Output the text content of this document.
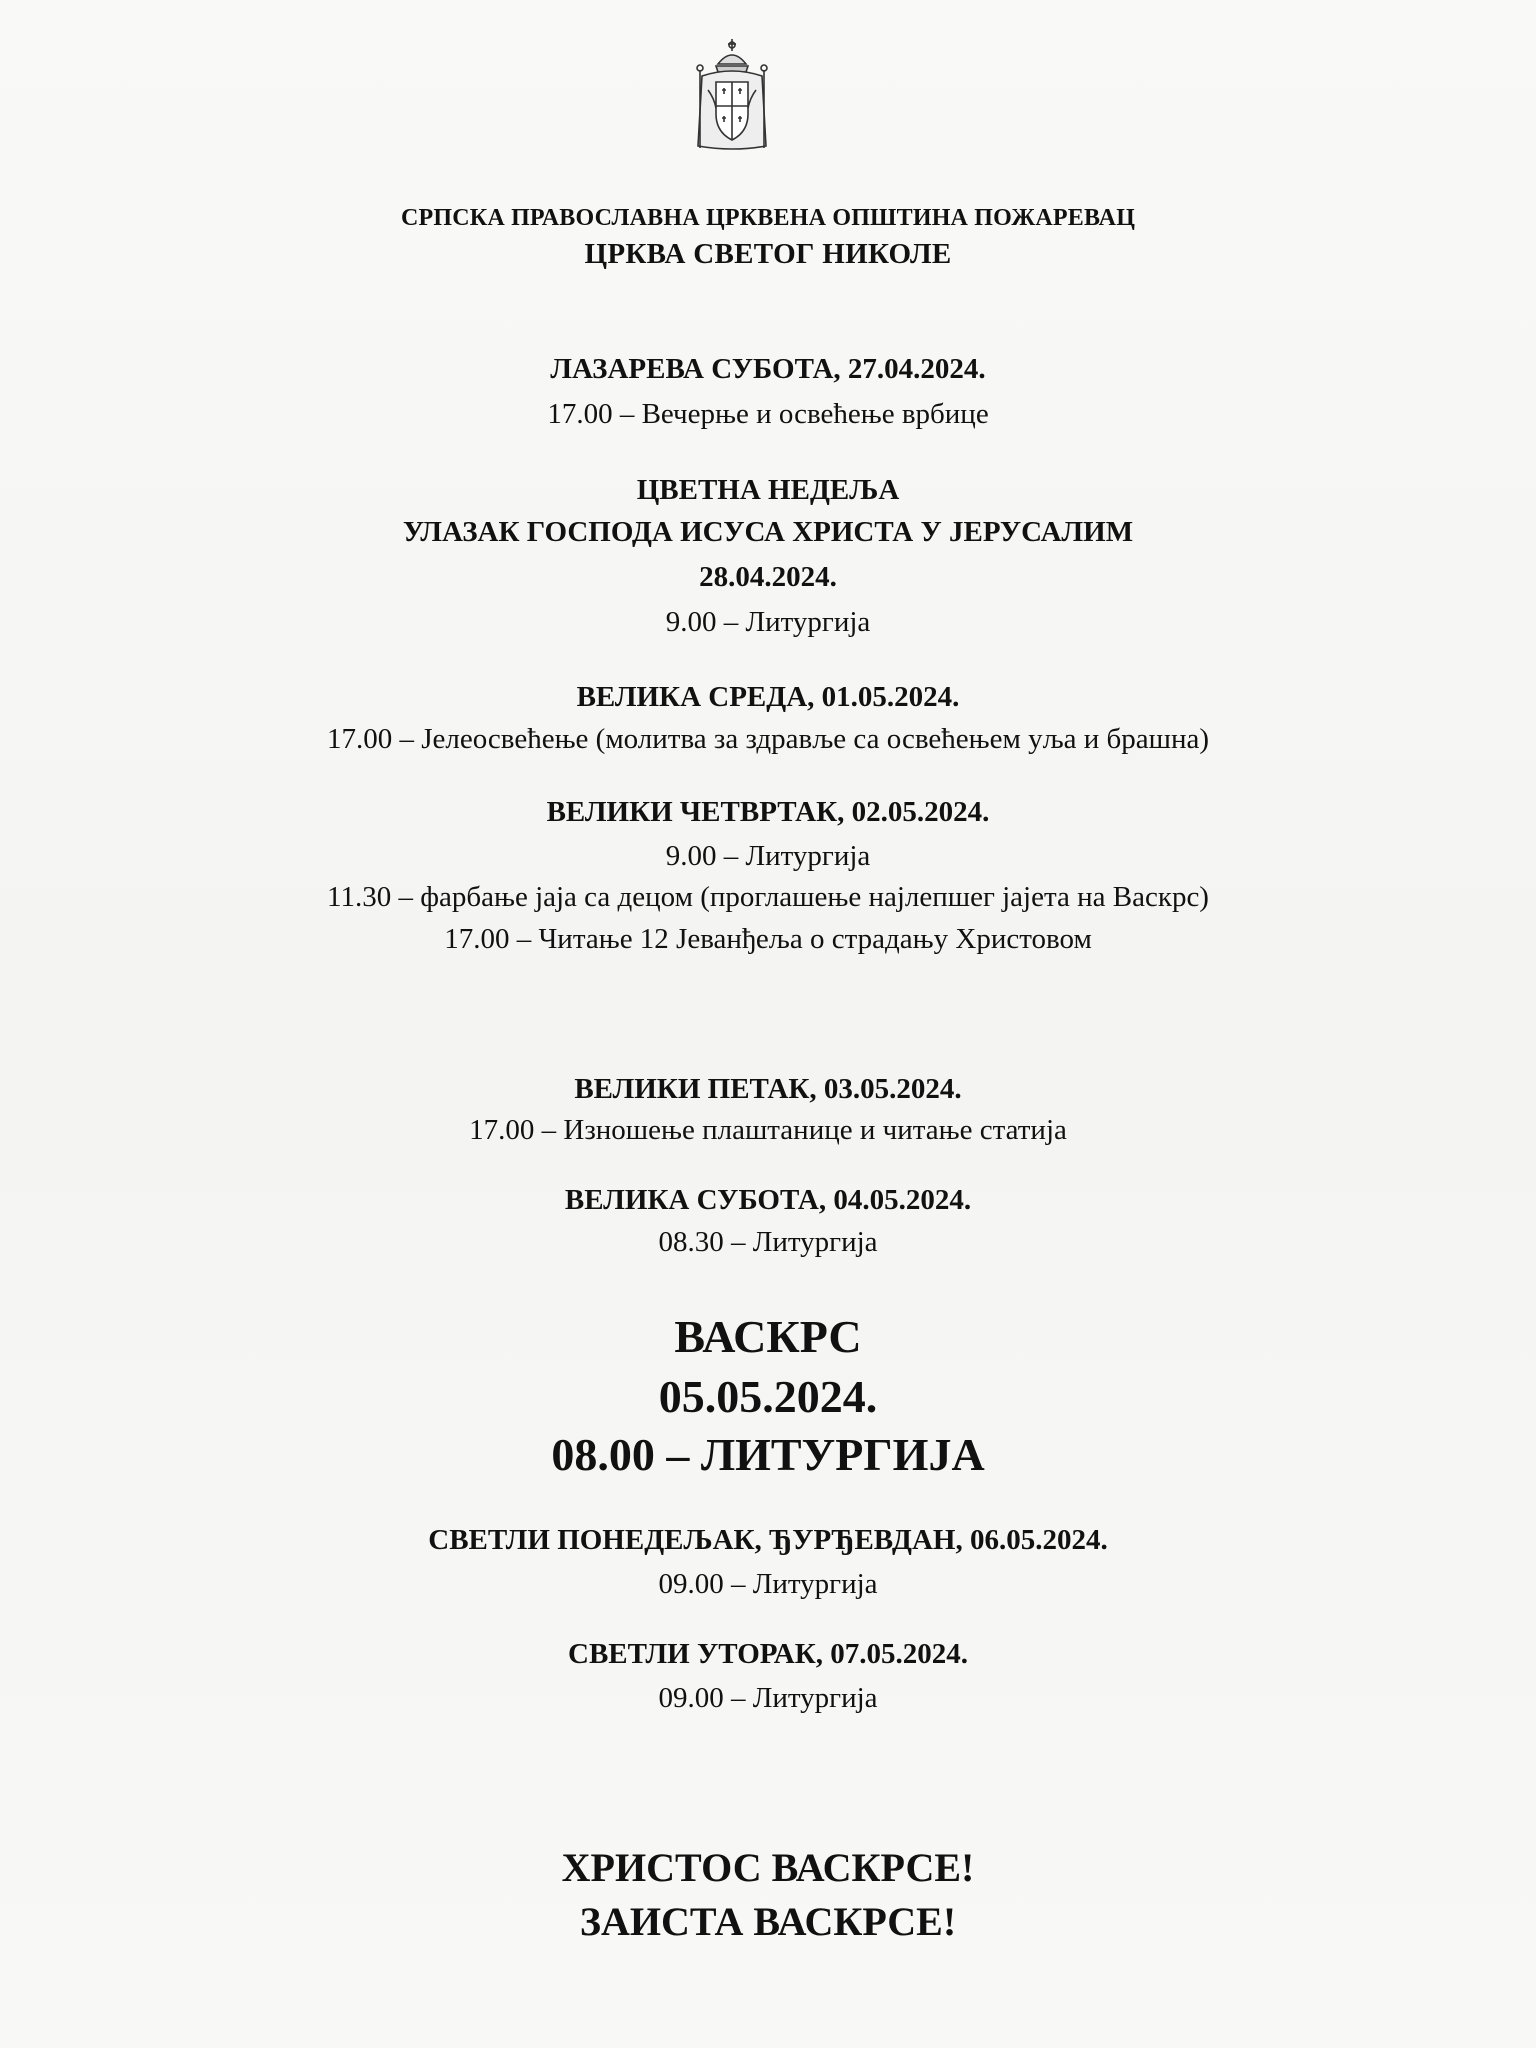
СРПСКА ПРАВОСЛАВНА ЦРКВЕНА ОПШТИНА ПОЖАРЕВАЦ
ЦРКВА СВЕТОГ НИКОЛЕ
ЛАЗАРЕВА СУБОТА, 27.04.2024.
17.00 – Вечерње и освећење врбице
ЦВЕТНА НЕДЕЉА
УЛАЗАК ГОСПОДА ИСУСА ХРИСТА У ЈЕРУСАЛИМ
28.04.2024.
9.00 – Литургија
ВЕЛИКА СРЕДА, 01.05.2024.
17.00 – Јелеосвећење (молитва за здравље са освећењем уља и брашна)
ВЕЛИКИ ЧЕТВРТАК, 02.05.2024.
9.00 – Литургија
11.30 – фарбање јаја са децом (проглашење најлепшег јајета на Васкрс)
17.00 – Читање 12 Јеванђеља о страдању Христовом
ВЕЛИКИ ПЕТАК, 03.05.2024.
17.00 – Изношење плаштанице и читање статија
ВЕЛИКА СУБОТА, 04.05.2024.
08.30 – Литургија
ВАСКРС
05.05.2024.
08.00 – ЛИТУРГИЈА
СВЕТЛИ ПОНЕДЕЉАК, ЂУРЂЕВДАН, 06.05.2024.
09.00 – Литургија
СВЕТЛИ УТОРАК, 07.05.2024.
09.00 – Литургија
ХРИСТОС ВАСКРСЕ!
ЗАИСТА ВАСКРСЕ!
